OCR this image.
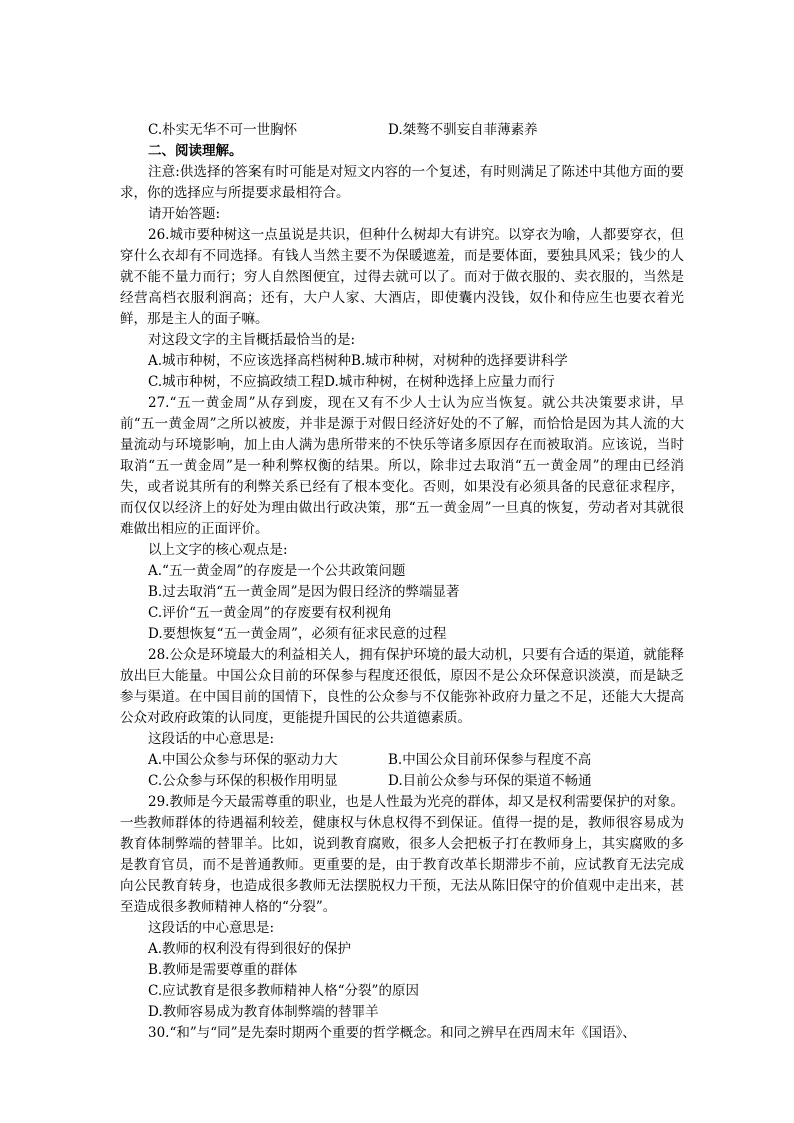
C.朴实无华不可一世胸怀	D.桀骜不驯妄自菲薄素养
二、阅读理解。
注意:供选择的答案有时可能是对短文内容的一个复述，有时则满足了陈述中其他方面的要求，你的选择应与所提要求最相符合。
请开始答题:
26.城市要种树这一点虽说是共识，但种什么树却大有讲究。以穿衣为喻，人都要穿衣，但穿什么衣却有不同选择。有钱人当然主要不为保暖遮羞，而是要体面，要独具风采；钱少的人就不能不量力而行；穷人自然图便宜，过得去就可以了。而对于做衣服的、卖衣服的，当然是经营高档衣服利润高；还有，大户人家、大酒店，即使囊内没钱，奴仆和侍应生也要衣着光鲜，那是主人的面子嘛。
对这段文字的主旨概括最恰当的是:
A.城市种树，不应该选择高档树种B.城市种树，对树种的选择要讲科学
C.城市种树，不应搞政绩工程D.城市种树，在树种选择上应量力而行
27.“五一黄金周”从存到废，现在又有不少人士认为应当恢复。就公共决策要求讲，早前“五一黄金周”之所以被废，并非是源于对假日经济好处的不了解，而恰恰是因为其人流的大量流动与环境影响，加上由人满为患所带来的不快乐等诸多原因存在而被取消。应该说，当时取消“五一黄金周”是一种利弊权衡的结果。所以，除非过去取消“五一黄金周”的理由已经消失，或者说其所有的利弊关系已经有了根本变化。否则，如果没有必须具备的民意征求程序，而仅仅以经济上的好处为理由做出行政决策，那“五一黄金周”一旦真的恢复，劳动者对其就很难做出相应的正面评价。
以上文字的核心观点是:
A.“五一黄金周”的存废是一个公共政策问题
B.过去取消“五一黄金周”是因为假日经济的弊端显著
C.评价“五一黄金周”的存废要有权利视角
D.要想恢复“五一黄金周”，必须有征求民意的过程
28.公众是环境最大的利益相关人，拥有保护环境的最大动机，只要有合适的渠道，就能释放出巨大能量。中国公众目前的环保参与程度还很低，原因不是公众环保意识淡漠，而是缺乏参与渠道。在中国目前的国情下，良性的公众参与不仅能弥补政府力量之不足，还能大大提高公众对政府政策的认同度，更能提升国民的公共道德素质。
这段话的中心意思是:
A.中国公众参与环保的驱动力大	B.中国公众目前环保参与程度不高
C.公众参与环保的积极作用明显	D.目前公众参与环保的渠道不畅通
29.教师是今天最需尊重的职业，也是人性最为光亮的群体，却又是权利需要保护的对象。一些教师群体的待遇福利较差，健康权与休息权得不到保证。值得一提的是，教师很容易成为教育体制弊端的替罪羊。比如，说到教育腐败，很多人会把板子打在教师身上，其实腐败的多是教育官员，而不是普通教师。更重要的是，由于教育改革长期滞步不前，应试教育无法完成向公民教育转身，也造成很多教师无法摆脱权力干预，无法从陈旧保守的价值观中走出来，甚至造成很多教师精神人格的“分裂”。
这段话的中心意思是:
A.教师的权利没有得到很好的保护
B.教师是需要尊重的群体
C.应试教育是很多教师精神人格“分裂”的原因
D.教师容易成为教育体制弊端的替罪羊
30.“和”与“同”是先秦时期两个重要的哲学概念。和同之辨早在西周末年《国语》、
